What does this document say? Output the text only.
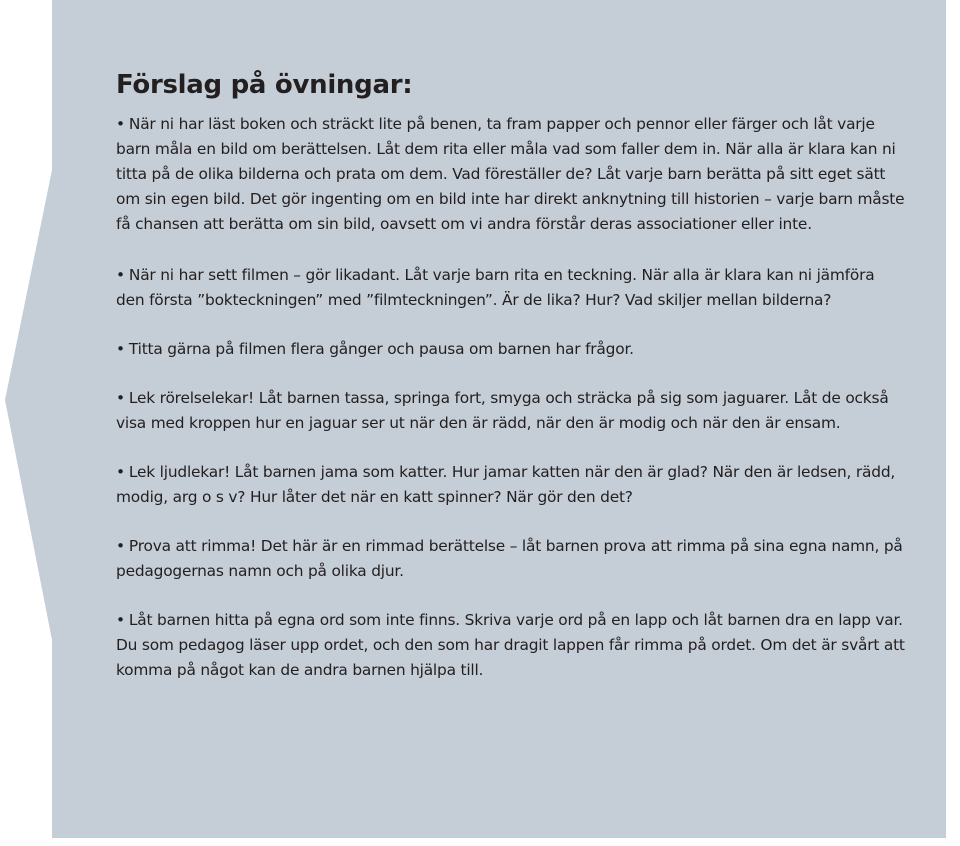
Förslag på övningar:

• När ni har läst boken och sträckt lite på benen, ta fram papper och pennor eller färger och låt varje barn måla en bild om berättelsen. Låt dem rita eller måla vad som faller dem in. När alla är klara kan ni titta på de olika bilderna och prata om dem. Vad föreställer de? Låt varje barn berätta på sitt eget sätt om sin egen bild. Det gör ingenting om en bild inte har direkt anknytning till historien – varje barn måste få chansen att berätta om sin bild, oavsett om vi andra förstår deras associationer eller inte.

• När ni har sett filmen – gör likadant. Låt varje barn rita en teckning. När alla är klara kan ni jämföra den första ”bokteckningen” med ”filmteckningen”. Är de lika? Hur? Vad skiljer mellan bilderna?

• Titta gärna på filmen flera gånger och pausa om barnen har frågor.

• Lek rörelselekar! Låt barnen tassa, springa fort, smyga och sträcka på sig som jaguarer. Låt de också visa med kroppen hur en jaguar ser ut när den är rädd, när den är modig och när den är ensam.

• Lek ljudlekar! Låt barnen jama som katter. Hur jamar katten när den är glad? När den är ledsen, rädd, modig, arg o s v? Hur låter det när en katt spinner? När gör den det?

• Prova att rimma! Det här är en rimmad berättelse – låt barnen prova att rimma på sina egna namn, på pedagogernas namn och på olika djur.

• Låt barnen hitta på egna ord som inte finns. Skriva varje ord på en lapp och låt barnen dra en lapp var. Du som pedagog läser upp ordet, och den som har dragit lappen får rimma på ordet. Om det är svårt att komma på något kan de andra barnen hjälpa till.
